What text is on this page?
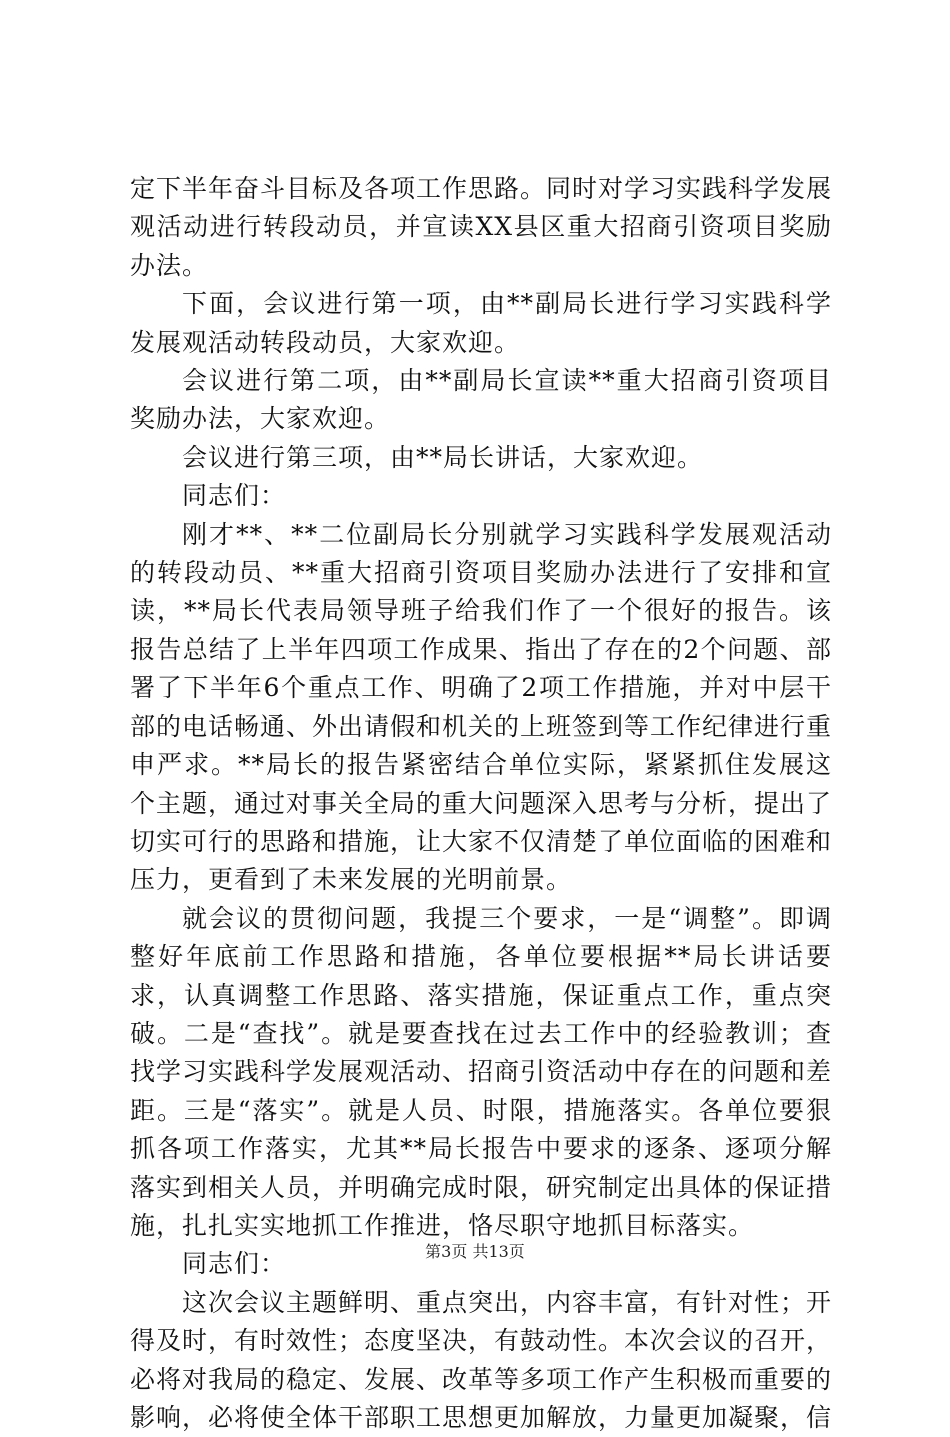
定下半年奋斗目标及各项工作思路。同时对学习实践科学发展观活动进行转段动员，并宣读XX县区重大招商引资项目奖励办法。

下面，会议进行第一项，由**副局长进行学习实践科学发展观活动转段动员，大家欢迎。

会议进行第二项，由**副局长宣读**重大招商引资项目奖励办法，大家欢迎。

会议进行第三项，由**局长讲话，大家欢迎。

同志们：

刚才**、**二位副局长分别就学习实践科学发展观活动的转段动员、**重大招商引资项目奖励办法进行了安排和宣读，**局长代表局领导班子给我们作了一个很好的报告。该报告总结了上半年四项工作成果、指出了存在的2个问题、部署了下半年6个重点工作、明确了2项工作措施，并对中层干部的电话畅通、外出请假和机关的上班签到等工作纪律进行重申严求。**局长的报告紧密结合单位实际，紧紧抓住发展这个主题，通过对事关全局的重大问题深入思考与分析，提出了切实可行的思路和措施，让大家不仅清楚了单位面临的困难和压力，更看到了未来发展的光明前景。

就会议的贯彻问题，我提三个要求，一是“调整”。即调整好年底前工作思路和措施，各单位要根据**局长讲话要求，认真调整工作思路、落实措施，保证重点工作，重点突破。二是“查找”。就是要查找在过去工作中的经验教训；查找学习实践科学发展观活动、招商引资活动中存在的问题和差距。三是“落实”。就是人员、时限，措施落实。各单位要狠抓各项工作落实，尤其**局长报告中要求的逐条、逐项分解落实到相关人员，并明确完成时限，研究制定出具体的保证措施，扎扎实实地抓工作推进，恪尽职守地抓目标落实。

同志们：

这次会议主题鲜明、重点突出，内容丰富，有针对性；开得及时，有时效性；态度坚决，有鼓动性。本次会议的召开，必将对我局的稳定、发展、改革等多项工作产生积极而重要的影响，必将使全体干部职工思想更加解放，力量更加凝聚，信

第3页 共13页
